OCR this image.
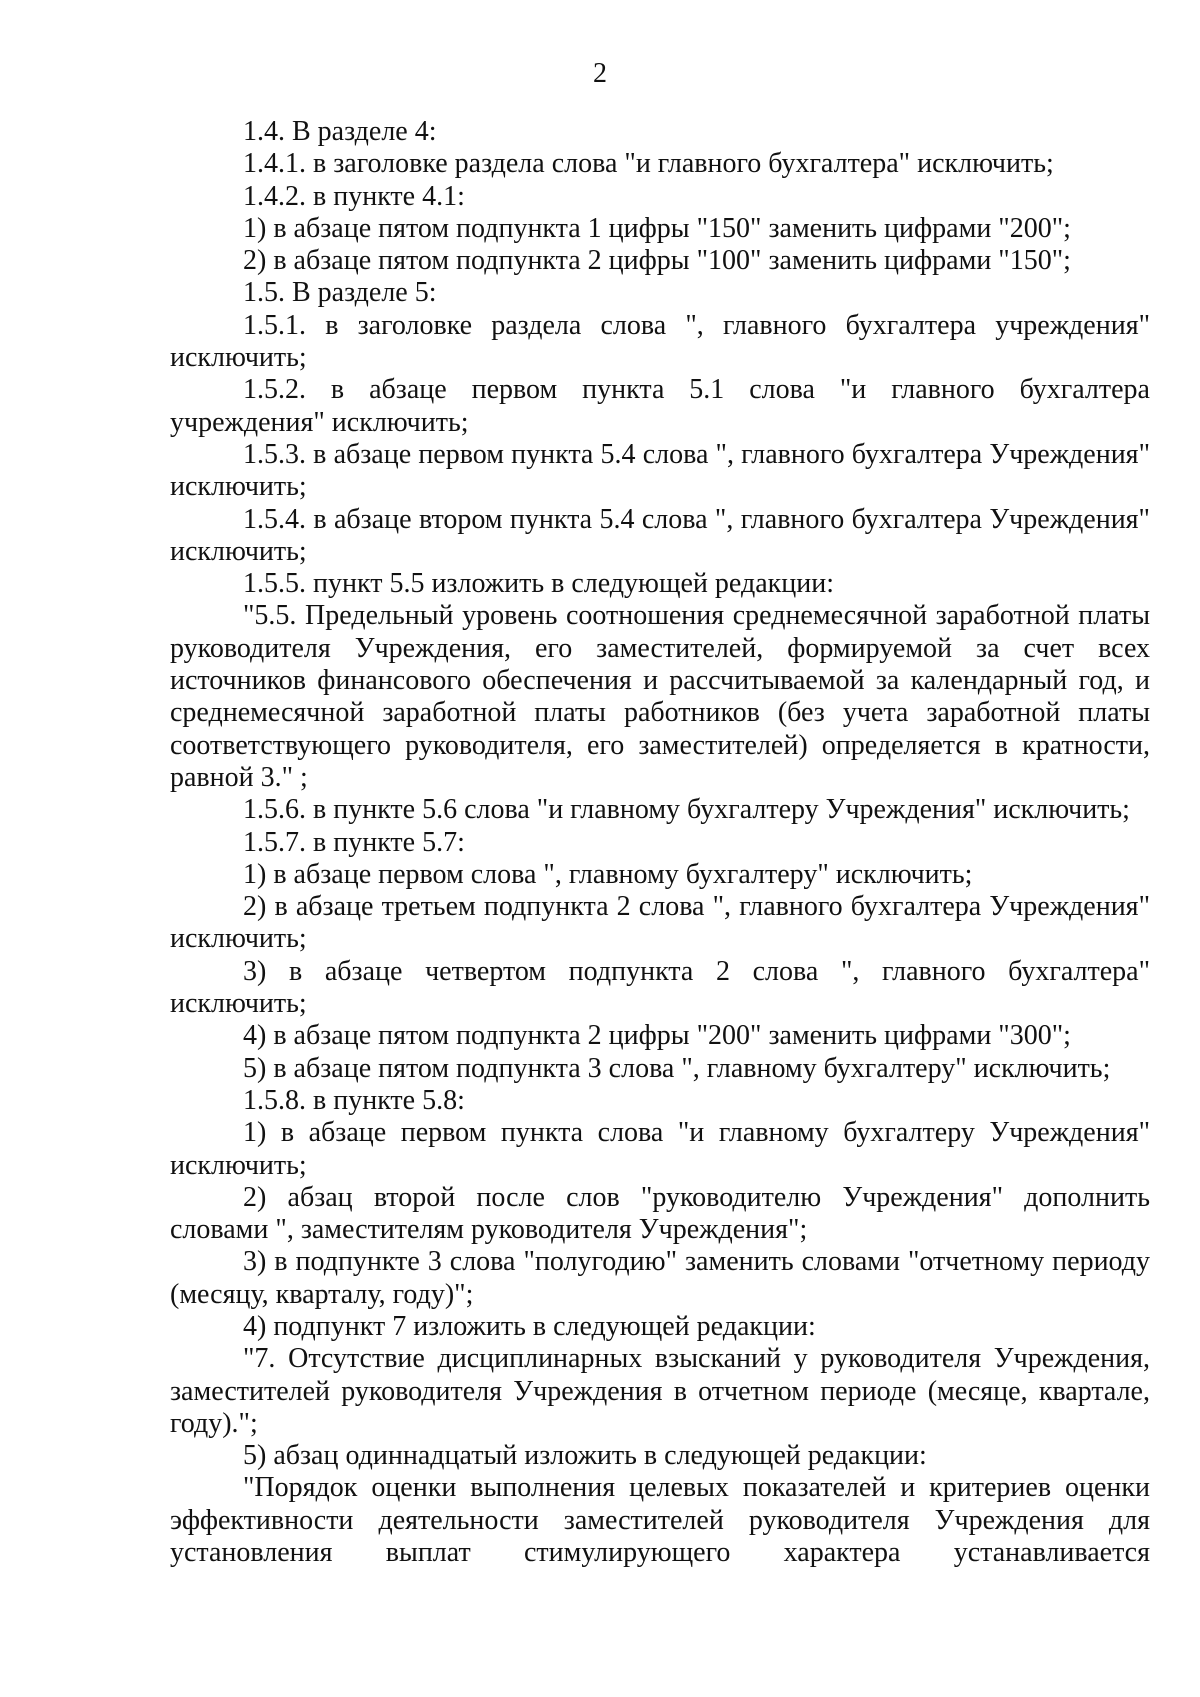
2

1.4. В разделе 4:

1.4.1. в заголовке раздела слова "и главного бухгалтера" исключить;

1.4.2. в пункте 4.1:

1) в абзаце пятом подпункта 1 цифры "150" заменить цифрами "200";

2) в абзаце пятом подпункта 2 цифры "100" заменить цифрами "150";

1.5. В разделе 5:

1.5.1. в заголовке раздела слова ", главного бухгалтера учреждения" исключить;

1.5.2. в абзаце первом пункта 5.1 слова "и главного бухгалтера учреждения" исключить;

1.5.3. в абзаце первом пункта 5.4 слова ", главного бухгалтера Учреждения" исключить;

1.5.4. в абзаце втором пункта 5.4 слова ", главного бухгалтера Учреждения" исключить;

1.5.5. пункт 5.5 изложить в следующей редакции:

"5.5. Предельный уровень соотношения среднемесячной заработной платы руководителя Учреждения, его заместителей, формируемой за счет всех источников финансового обеспечения и рассчитываемой за календарный год, и среднемесячной заработной платы работников (без учета заработной платы соответствующего руководителя, его заместителей) определяется в кратности, равной 3." ;

1.5.6. в пункте 5.6 слова "и главному бухгалтеру Учреждения" исключить;

1.5.7. в пункте 5.7:

1) в абзаце первом слова ", главному бухгалтеру" исключить;

2) в абзаце третьем подпункта 2 слова ", главного бухгалтера Учреждения" исключить;

3) в абзаце четвертом подпункта 2 слова ", главного бухгалтера" исключить;

4) в абзаце пятом подпункта 2 цифры "200" заменить цифрами "300";

5) в абзаце пятом подпункта 3 слова ", главному бухгалтеру" исключить;

1.5.8. в пункте 5.8:

1) в абзаце первом пункта слова "и главному бухгалтеру Учреждения" исключить;

2) абзац второй после слов "руководителю Учреждения" дополнить словами ", заместителям руководителя Учреждения";

3) в подпункте 3 слова "полугодию" заменить словами "отчетному периоду (месяцу, кварталу, году)";

4) подпункт 7 изложить в следующей редакции:

"7. Отсутствие дисциплинарных взысканий у руководителя Учреждения, заместителей руководителя Учреждения в отчетном периоде (месяце, квартале, году).";

5) абзац одиннадцатый изложить в следующей редакции:

"Порядок оценки выполнения целевых показателей и критериев оценки эффективности деятельности заместителей руководителя Учреждения для установления выплат стимулирующего характера устанавливается
